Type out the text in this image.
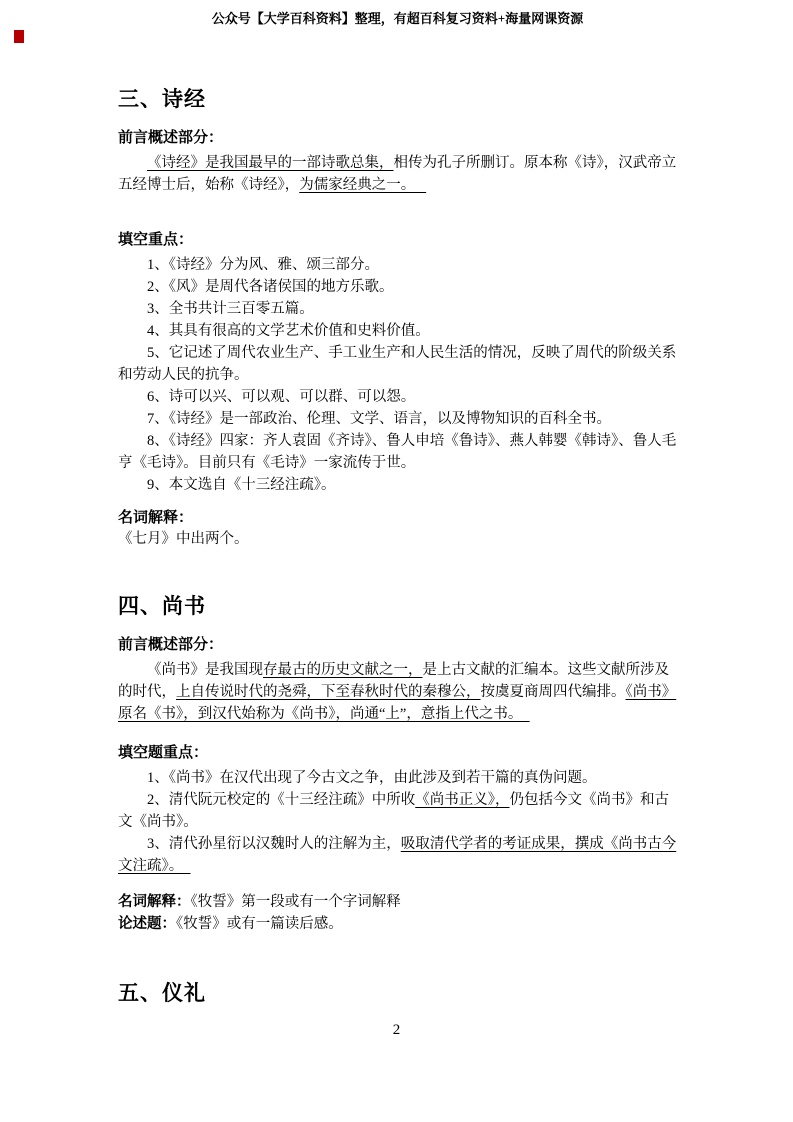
公众号【大学百科资料】整理，有超百科复习资料+海量网课资源
三、诗经
前言概述部分：

《诗经》是我国最早的一部诗歌总集，相传为孔子所删订。原本称《诗》，汉武帝立五经博士后，始称《诗经》，为儒家经典之一。

填空重点：

1、《诗经》分为风、雅、颂三部分。

2、《风》是周代各诸侯国的地方乐歌。

3、全书共计三百零五篇。

4、其具有很高的文学艺术价值和史料价值。

5、它记述了周代农业生产、手工业生产和人民生活的情况，反映了周代的阶级关系和劳动人民的抗争。

6、诗可以兴、可以观、可以群、可以怨。

7、《诗经》是一部政治、伦理、文学、语言，以及博物知识的百科全书。

8、《诗经》四家：齐人袁固《齐诗》、鲁人申培《鲁诗》、燕人韩婴《韩诗》、鲁人毛亨《毛诗》。目前只有《毛诗》一家流传于世。

9、本文选自《十三经注疏》。

名词解释：

《七月》中出两个。

四、尚书
前言概述部分：

《尚书》是我国现存最古的历史文献之一，是上古文献的汇编本。这些文献所涉及的时代，上自传说时代的尧舜，下至春秋时代的秦穆公，按虞夏商周四代编排。《尚书》原名《书》，到汉代始称为《尚书》，尚通“上”，意指上代之书。

填空题重点：

1、《尚书》在汉代出现了今古文之争，由此涉及到若干篇的真伪问题。

2、清代阮元校定的《十三经注疏》中所收《尚书正义》，仍包括今文《尚书》和古文《尚书》。

3、清代孙星衍以汉魏时人的注解为主，吸取清代学者的考证成果，撰成《尚书古今文注疏》。

名词解释：《牧誓》第一段或有一个字词解释

论述题：《牧誓》或有一篇读后感。

五、仪礼
2
